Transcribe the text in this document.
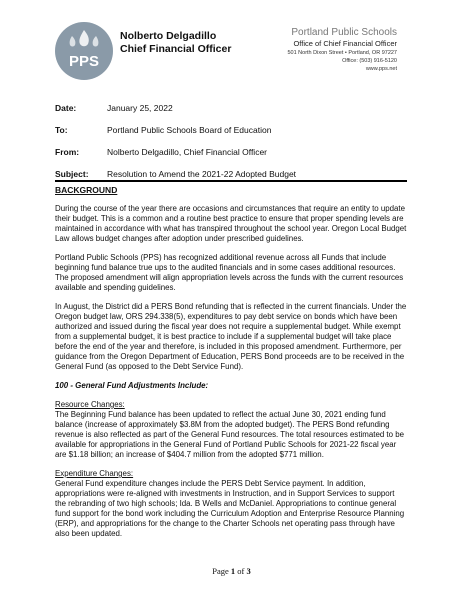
PPS
Nolberto Delgadillo
Chief Financial Officer
Portland Public Schools
Office of Chief Financial Officer
501 North Dixon Street • Portland, OR 97227
Office: (503) 916-5120
www.pps.net
Date:	January 25, 2022
To:	Portland Public Schools Board of Education
From:	Nolberto Delgadillo, Chief Financial Officer
Subject: Resolution to Amend the 2021-22 Adopted Budget
BACKGROUND

During the course of the year there are occasions and circumstances that require an entity to update their budget. This is a common and a routine best practice to ensure that proper spending levels are maintained in accordance with what has transpired throughout the school year. Oregon Local Budget Law allows budget changes after adoption under prescribed guidelines.

Portland Public Schools (PPS) has recognized additional revenue across all Funds that include beginning fund balance true ups to the audited financials and in some cases additional resources. The proposed amendment will align appropriation levels across the funds with the current resources available and spending guidelines.

In August, the District did a PERS Bond refunding that is reflected in the current financials. Under the Oregon budget law, ORS 294.338(5), expenditures to pay debt service on bonds which have been authorized and issued during the fiscal year does not require a supplemental budget. While exempt from a supplemental budget, it is best practice to include if a supplemental budget will take place before the end of the year and therefore, is included in this proposed amendment. Furthermore, per guidance from the Oregon Department of Education, PERS Bond proceeds are to be received in the General Fund (as opposed to the Debt Service Fund).

100 - General Fund Adjustments Include:

Resource Changes:
The Beginning Fund balance has been updated to reflect the actual June 30, 2021 ending fund balance (increase of approximately $3.8M from the adopted budget). The PERS Bond refunding revenue is also reflected as part of the General Fund resources. The total resources estimated to be available for appropriations in the General Fund of Portland Public Schools for 2021-22 fiscal year are $1.18 billion; an increase of $404.7 million from the adopted $771 million.

Expenditure Changes:
General Fund expenditure changes include the PERS Debt Service payment. In addition, appropriations were re-aligned with investments in Instruction, and in Support Services to support the rebranding of two high schools; Ida. B Wells and McDaniel. Appropriations to continue general fund support for the bond work including the Curriculum Adoption and Enterprise Resource Planning (ERP), and appropriations for the change to the Charter Schools net operating pass through have also been updated.

Page 1 of 3
